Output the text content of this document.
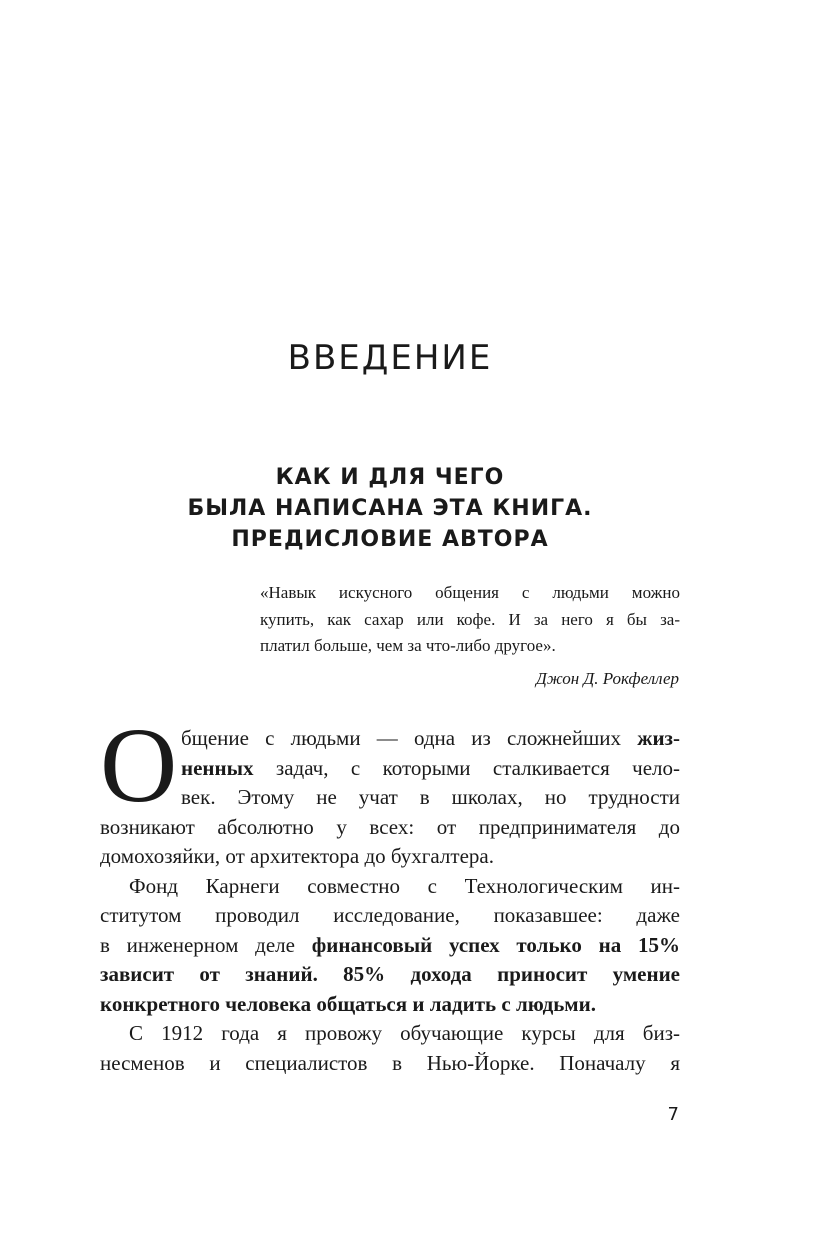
ВВЕДЕНИЕ
КАК И ДЛЯ ЧЕГО
БЫЛА НАПИСАНА ЭТА КНИГА.
ПРЕДИСЛОВИЕ АВТОРА
«Навык искусного общения с людьми можно
купить, как сахар или кофе. И за него я бы за-
платил больше, чем за что-либо другое».
Джон Д. Рокфеллер
О бщение с людьми — одна из сложнейших жиз-
ненных задач, с которыми сталкивается чело-
век. Этому не учат в школах, но трудности
возникают абсолютно у всех: от предпринимателя до
домохозяйки, от архитектора до бухгалтера.
Фонд Карнеги совместно с Технологическим ин-
ститутом проводил исследование, показавшее: даже
в инженерном деле финансовый успех только на 15%
зависит от знаний. 85% дохода приносит умение
конкретного человека общаться и ладить с людьми.
С 1912 года я провожу обучающие курсы для биз-
несменов и специалистов в Нью-Йорке. Поначалу я
7
